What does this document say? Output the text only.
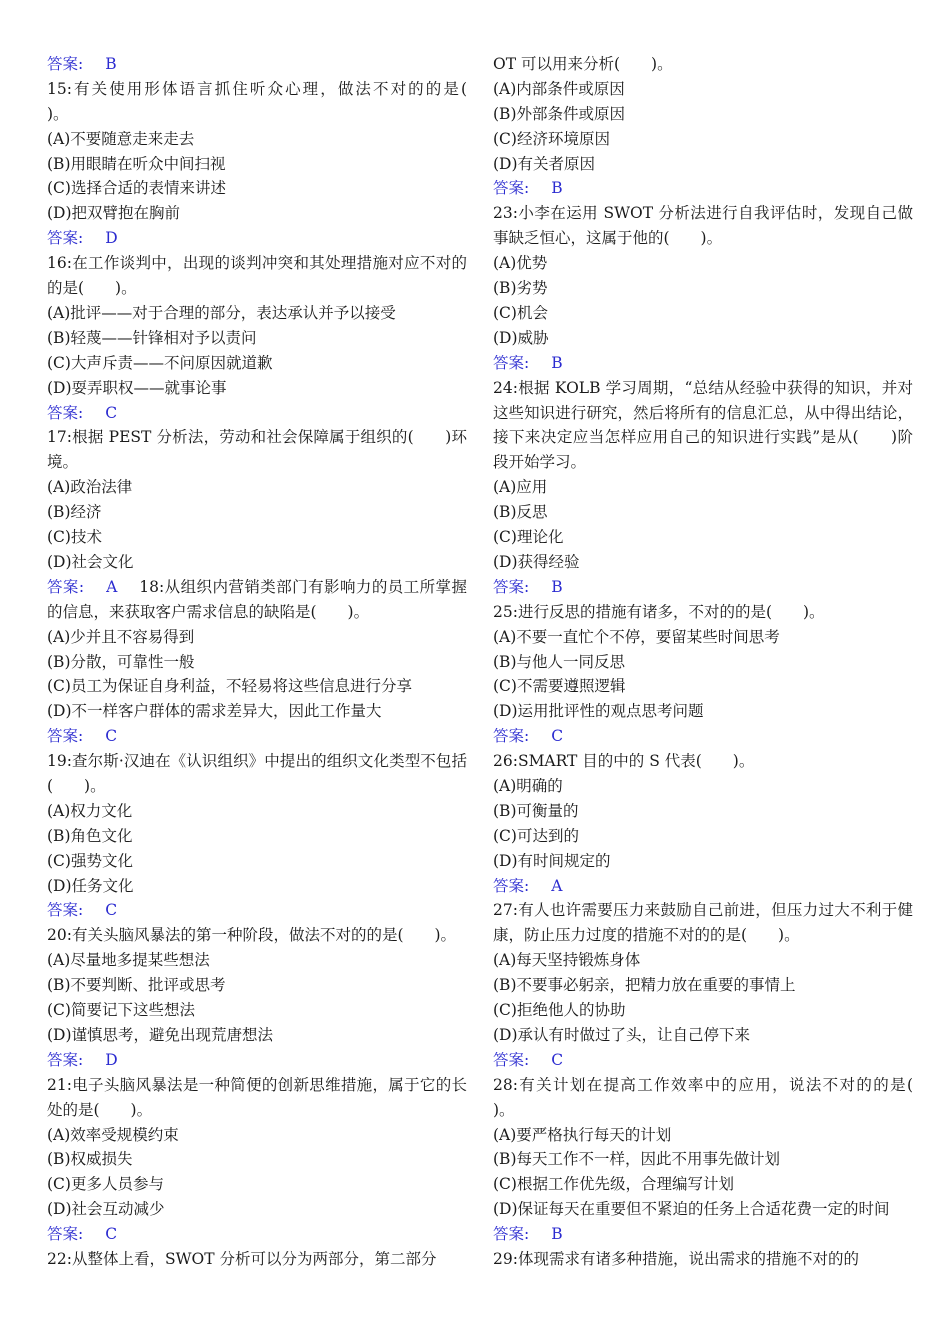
答案: B
15:有关使用形体语言抓住听众心理，做法不对的的是(　　)。
(A)不要随意走来走去
(B)用眼睛在听众中间扫视
(C)选择合适的表情来讲述
(D)把双臂抱在胸前
答案: D
16:在工作谈判中，出现的谈判冲突和其处理措施对应不对的的是(　　)。
(A)批评——对于合理的部分，表达承认并予以接受
(B)轻蔑——针锋相对予以责问
(C)大声斥责——不问原因就道歉
(D)耍弄职权——就事论事
答案: C
17:根据 PEST 分析法，劳动和社会保障属于组织的(　　)环境。
(A)政治法律
(B)经济
(C)技术
(D)社会文化
答案: A 18:从组织内营销类部门有影响力的员工所掌握的信息，来获取客户需求信息的缺陷是(　　)。
(A)少并且不容易得到
(B)分散，可靠性一般
(C)员工为保证自身利益，不轻易将这些信息进行分享
(D)不一样客户群体的需求差异大，因此工作量大
答案: C
19:查尔斯·汉迪在《认识组织》中提出的组织文化类型不包括(　　)。
(A)权力文化
(B)角色文化
(C)强势文化
(D)任务文化
答案: C
20:有关头脑风暴法的第一种阶段，做法不对的的是(　　)。
(A)尽量地多提某些想法
(B)不要判断、批评或思考
(C)简要记下这些想法
(D)谨慎思考，避免出现荒唐想法
答案: D
21:电子头脑风暴法是一种简便的创新思维措施，属于它的长处的是(　　)。
(A)效率受规模约束
(B)权威损失
(C)更多人员参与
(D)社会互动减少
答案: C
22:从整体上看，SWOT 分析可以分为两部分，第二部分
OT 可以用来分析(　　)。
(A)内部条件或原因
(B)外部条件或原因
(C)经济环境原因
(D)有关者原因
答案: B
23:小李在运用 SWOT 分析法进行自我评估时，发现自己做事缺乏恒心，这属于他的(　　)。
(A)优势
(B)劣势
(C)机会
(D)威胁
答案: B
24:根据 KOLB 学习周期，“总结从经验中获得的知识，并对这些知识进行研究，然后将所有的信息汇总，从中得出结论，接下来决定应当怎样应用自己的知识进行实践”是从(　　)阶段开始学习。
(A)应用
(B)反思
(C)理论化
(D)获得经验
答案: B
25:进行反思的措施有诸多，不对的的是(　　)。
(A)不要一直忙个不停，要留某些时间思考
(B)与他人一同反思
(C)不需要遵照逻辑
(D)运用批评性的观点思考问题
答案: C
26:SMART 目的中的 S 代表(　　)。
(A)明确的
(B)可衡量的
(C)可达到的
(D)有时间规定的
答案: A
27:有人也许需要压力来鼓励自己前进，但压力过大不利于健康，防止压力过度的措施不对的的是(　　)。
(A)每天坚持锻炼身体
(B)不要事必躬亲，把精力放在重要的事情上
(C)拒绝他人的协助
(D)承认有时做过了头，让自己停下来
答案: C
28:有关计划在提高工作效率中的应用，说法不对的的是(　　)。
(A)要严格执行每天的计划
(B)每天工作不一样，因此不用事先做计划
(C)根据工作优先级，合理编写计划
(D)保证每天在重要但不紧迫的任务上合适花费一定的时间
答案: B
29:体现需求有诸多种措施，说出需求的措施不对的的
